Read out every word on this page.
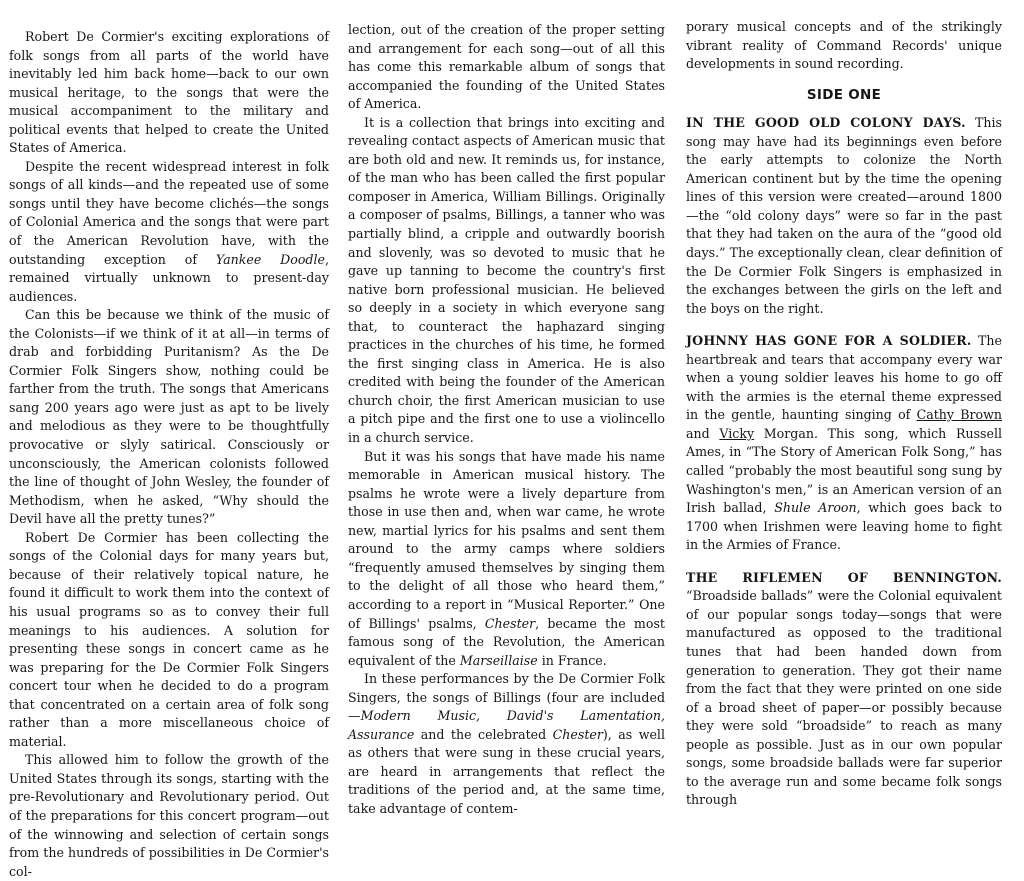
Robert De Cormier's exciting explorations of folk songs from all parts of the world have inevitably led him back home—back to our own musical heritage, to the songs that were the musical accompaniment to the military and political events that helped to create the United States of America.

Despite the recent widespread interest in folk songs of all kinds—and the repeated use of some songs until they have become clichés—the songs of Colonial America and the songs that were part of the American Revolution have, with the outstanding exception of Yankee Doodle, remained virtually unknown to present-day audiences.

Can this be because we think of the music of the Colonists—if we think of it at all—in terms of drab and forbidding Puritanism? As the De Cormier Folk Singers show, nothing could be farther from the truth. The songs that Americans sang 200 years ago were just as apt to be lively and melodious as they were to be thoughtfully provocative or slyly satirical. Consciously or unconsciously, the American colonists followed the line of thought of John Wesley, the founder of Methodism, when he asked, “Why should the Devil have all the pretty tunes?”

Robert De Cormier has been collecting the songs of the Colonial days for many years but, because of their relatively topical nature, he found it difficult to work them into the context of his usual programs so as to convey their full meanings to his audiences. A solution for presenting these songs in concert came as he was preparing for the De Cormier Folk Singers concert tour when he decided to do a program that concentrated on a certain area of folk song rather than a more miscellaneous choice of material.

This allowed him to follow the growth of the United States through its songs, starting with the pre-Revolutionary and Revolutionary period. Out of the preparations for this concert program—out of the winnowing and selection of certain songs from the hundreds of possibilities in De Cormier's col-

lection, out of the creation of the proper setting and arrangement for each song—out of all this has come this remarkable album of songs that accompanied the founding of the United States of America.

It is a collection that brings into exciting and revealing contact aspects of American music that are both old and new. It reminds us, for instance, of the man who has been called the first popular composer in America, William Billings. Originally a composer of psalms, Billings, a tanner who was partially blind, a cripple and outwardly boorish and slovenly, was so devoted to music that he gave up tanning to become the country's first native born professional musician. He believed so deeply in a society in which everyone sang that, to counteract the haphazard singing practices in the churches of his time, he formed the first singing class in America. He is also credited with being the founder of the American church choir, the first American musician to use a pitch pipe and the first one to use a violincello in a church service.

But it was his songs that have made his name memorable in American musical history. The psalms he wrote were a lively departure from those in use then and, when war came, he wrote new, martial lyrics for his psalms and sent them around to the army camps where soldiers “frequently amused themselves by singing them to the delight of all those who heard them,” according to a report in “Musical Reporter.” One of Billings' psalms, Chester, became the most famous song of the Revolution, the American equivalent of the Marseillaise in France.

In these performances by the De Cormier Folk Singers, the songs of Billings (four are included—Modern Music, David's Lamentation, Assurance and the celebrated Chester), as well as others that were sung in these crucial years, are heard in arrangements that reflect the traditions of the period and, at the same time, take advantage of contem-

porary musical concepts and of the strikingly vibrant reality of Command Records' unique developments in sound recording.

SIDE ONE

IN THE GOOD OLD COLONY DAYS. This song may have had its beginnings even before the early attempts to colonize the North American continent but by the time the opening lines of this version were created—around 1800—the “old colony days” were so far in the past that they had taken on the aura of the “good old days.” The exceptionally clean, clear definition of the De Cormier Folk Singers is emphasized in the exchanges between the girls on the left and the boys on the right.

JOHNNY HAS GONE FOR A SOLDIER. The heartbreak and tears that accompany every war when a young soldier leaves his home to go off with the armies is the eternal theme expressed in the gentle, haunting singing of Cathy Brown and Vicky Morgan. This song, which Russell Ames, in “The Story of American Folk Song,” has called “probably the most beautiful song sung by Washington's men,” is an American version of an Irish ballad, Shule Aroon, which goes back to 1700 when Irishmen were leaving home to fight in the Armies of France.

THE RIFLEMEN OF BENNINGTON. “Broadside ballads” were the Colonial equivalent of our popular songs today—songs that were manufactured as opposed to the traditional tunes that had been handed down from generation to generation. They got their name from the fact that they were printed on one side of a broad sheet of paper—or possibly because they were sold “broadside” to reach as many people as possible. Just as in our own popular songs, some broadside ballads were far superior to the average run and some became folk songs through
